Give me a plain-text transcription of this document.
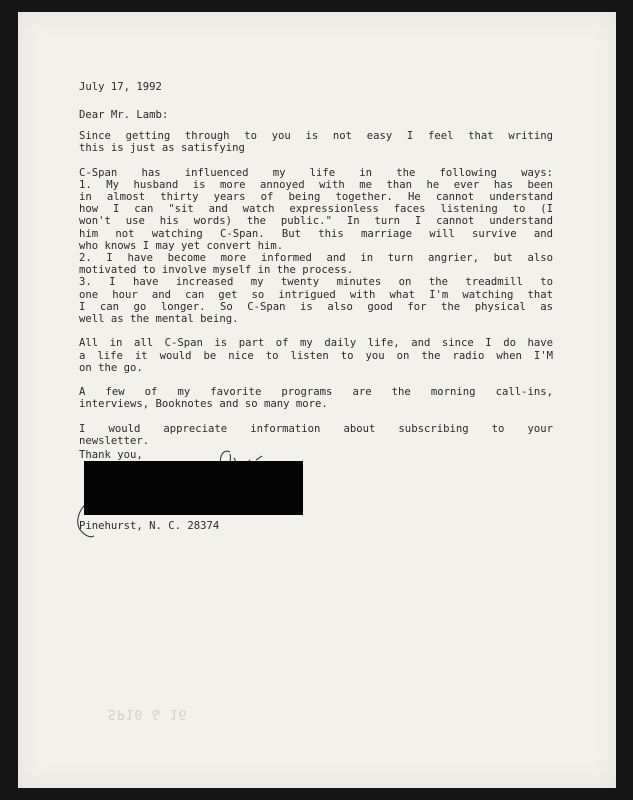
July 17, 1992
Dear Mr. Lamb:
Since getting through to you is not easy I feel that writing
this is just as satisfying
C-Span has influenced my life in the following ways:
1. My husband is more annoyed with me than he ever has been
in almost thirty years of being together. He cannot understand
how I can "sit and watch expressionless faces listening to (I
won't use his words) the public." In turn I cannot understand
him not watching C-Span. But this marriage will survive and
who knows I may yet convert him.
2. I have become more informed and in turn angrier, but also
motivated to involve myself in the process.
3. I have increased my twenty minutes on the treadmill to
one hour and can get so intrigued with what I'm watching that
I can go longer. So C-Span is also good for the physical as
well as the mental being.
All in all C-Span is part of my daily life, and since I do have
a life it would be nice to listen to you on the radio when I'M
on the go.
A few of my favorite programs are the morning call-ins,
interviews, Booknotes and so many more.
I would appreciate information about subscribing to your
newsletter.
Thank you,
Pinehurst, N. C. 28374
SP10 & 16
